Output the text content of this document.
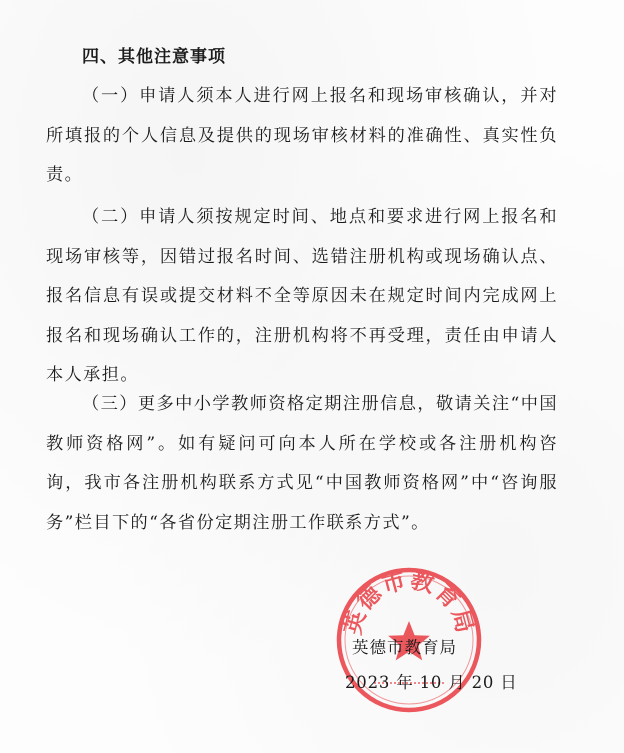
四、其他注意事项

（一）申请人须本人进行网上报名和现场审核确认，并对所填报的个人信息及提供的现场审核材料的准确性、真实性负责。

（二）申请人须按规定时间、地点和要求进行网上报名和现场审核等，因错过报名时间、选错注册机构或现场确认点、报名信息有误或提交材料不全等原因未在规定时间内完成网上报名和现场确认工作的，注册机构将不再受理，责任由申请人本人承担。

（三）更多中小学教师资格定期注册信息，敬请关注“中国教师资格网”。如有疑问可向本人所在学校或各注册机构咨询，我市各注册机构联系方式见“中国教师资格网”中“咨询服务”栏目下的“各省份定期注册工作联系方式”。

英德市教育局
英德市教育局
2023 年 10 月 20 日
